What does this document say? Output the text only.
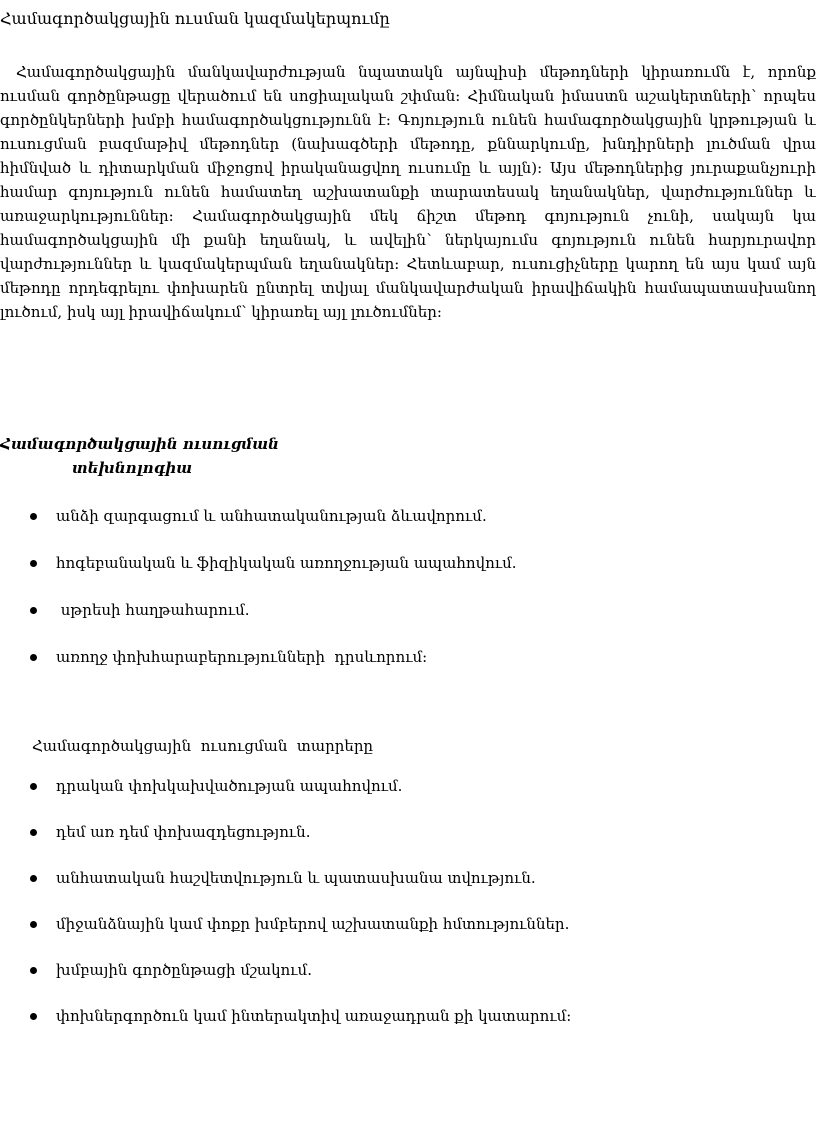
Համագործակցային ուսման կազմակերպումը

Համագործակցային մանկավարժության նպատակն այնպիսի մեթոդների կիրառումն է, որոնք ուսման գործընթացը վերածում են սոցիալական շփման։ Հիմնական իմաստն աշակերտների՝ որպես գործընկերների խմբի համագործակցությունն է։ Գոյություն ունեն համագործակցային կրթության և ուսուցման բազմաթիվ մեթոդներ (նախագծերի մեթոդը, քննարկումը, խնդիրների լուծման վրա հիմնված և դիտարկման միջոցով իրականացվող ուսումը և այլն)։ Այս մեթոդներից յուրաքանչյուրի համար գոյություն ունեն համատեղ աշխատանքի տարատեսակ եղանակներ, վարժություններ և առաջարկություններ։ Համագործակցային մեկ ճիշտ մեթոդ գոյություն չունի, սակայն կա համագործակցային մի քանի եղանակ, և ավելին՝ ներկայումս գոյություն ունեն հարյուրավոր վարժություններ և կազմակերպման եղանակներ։ Հետևաբար, ուսուցիչները կարող են այս կամ այն մեթոդը որդեգրելու փոխարեն ընտրել տվյալ մանկավարժական իրավիճակին համապատասխանող լուծում, իսկ այլ իրավիճակում՝ կիրառել այլ լուծումներ։

Համագործակցային ուսուցման
տեխնոլոգիա
անձի զարգացում և անհատականության ձևավորում.
հոգեբանական և ֆիզիկական առողջության ապահովում.
սթրեսի հաղթահարում.
առողջ փոխհարաբերությունների  դրսևորում։
Համագործակցային  ուսուցման  տարրերը
դրական փոխկախվածության ապահովում.
դեմ առ դեմ փոխազդեցություն.
անհատական հաշվետվություն և պատասխանա տվություն.
միջանձնային կամ փոքր խմբերով աշխատանքի հմտություններ.
խմբային գործընթացի մշակում.
փոխներգործուն կամ ինտերակտիվ առաջադրան քի կատարում։
